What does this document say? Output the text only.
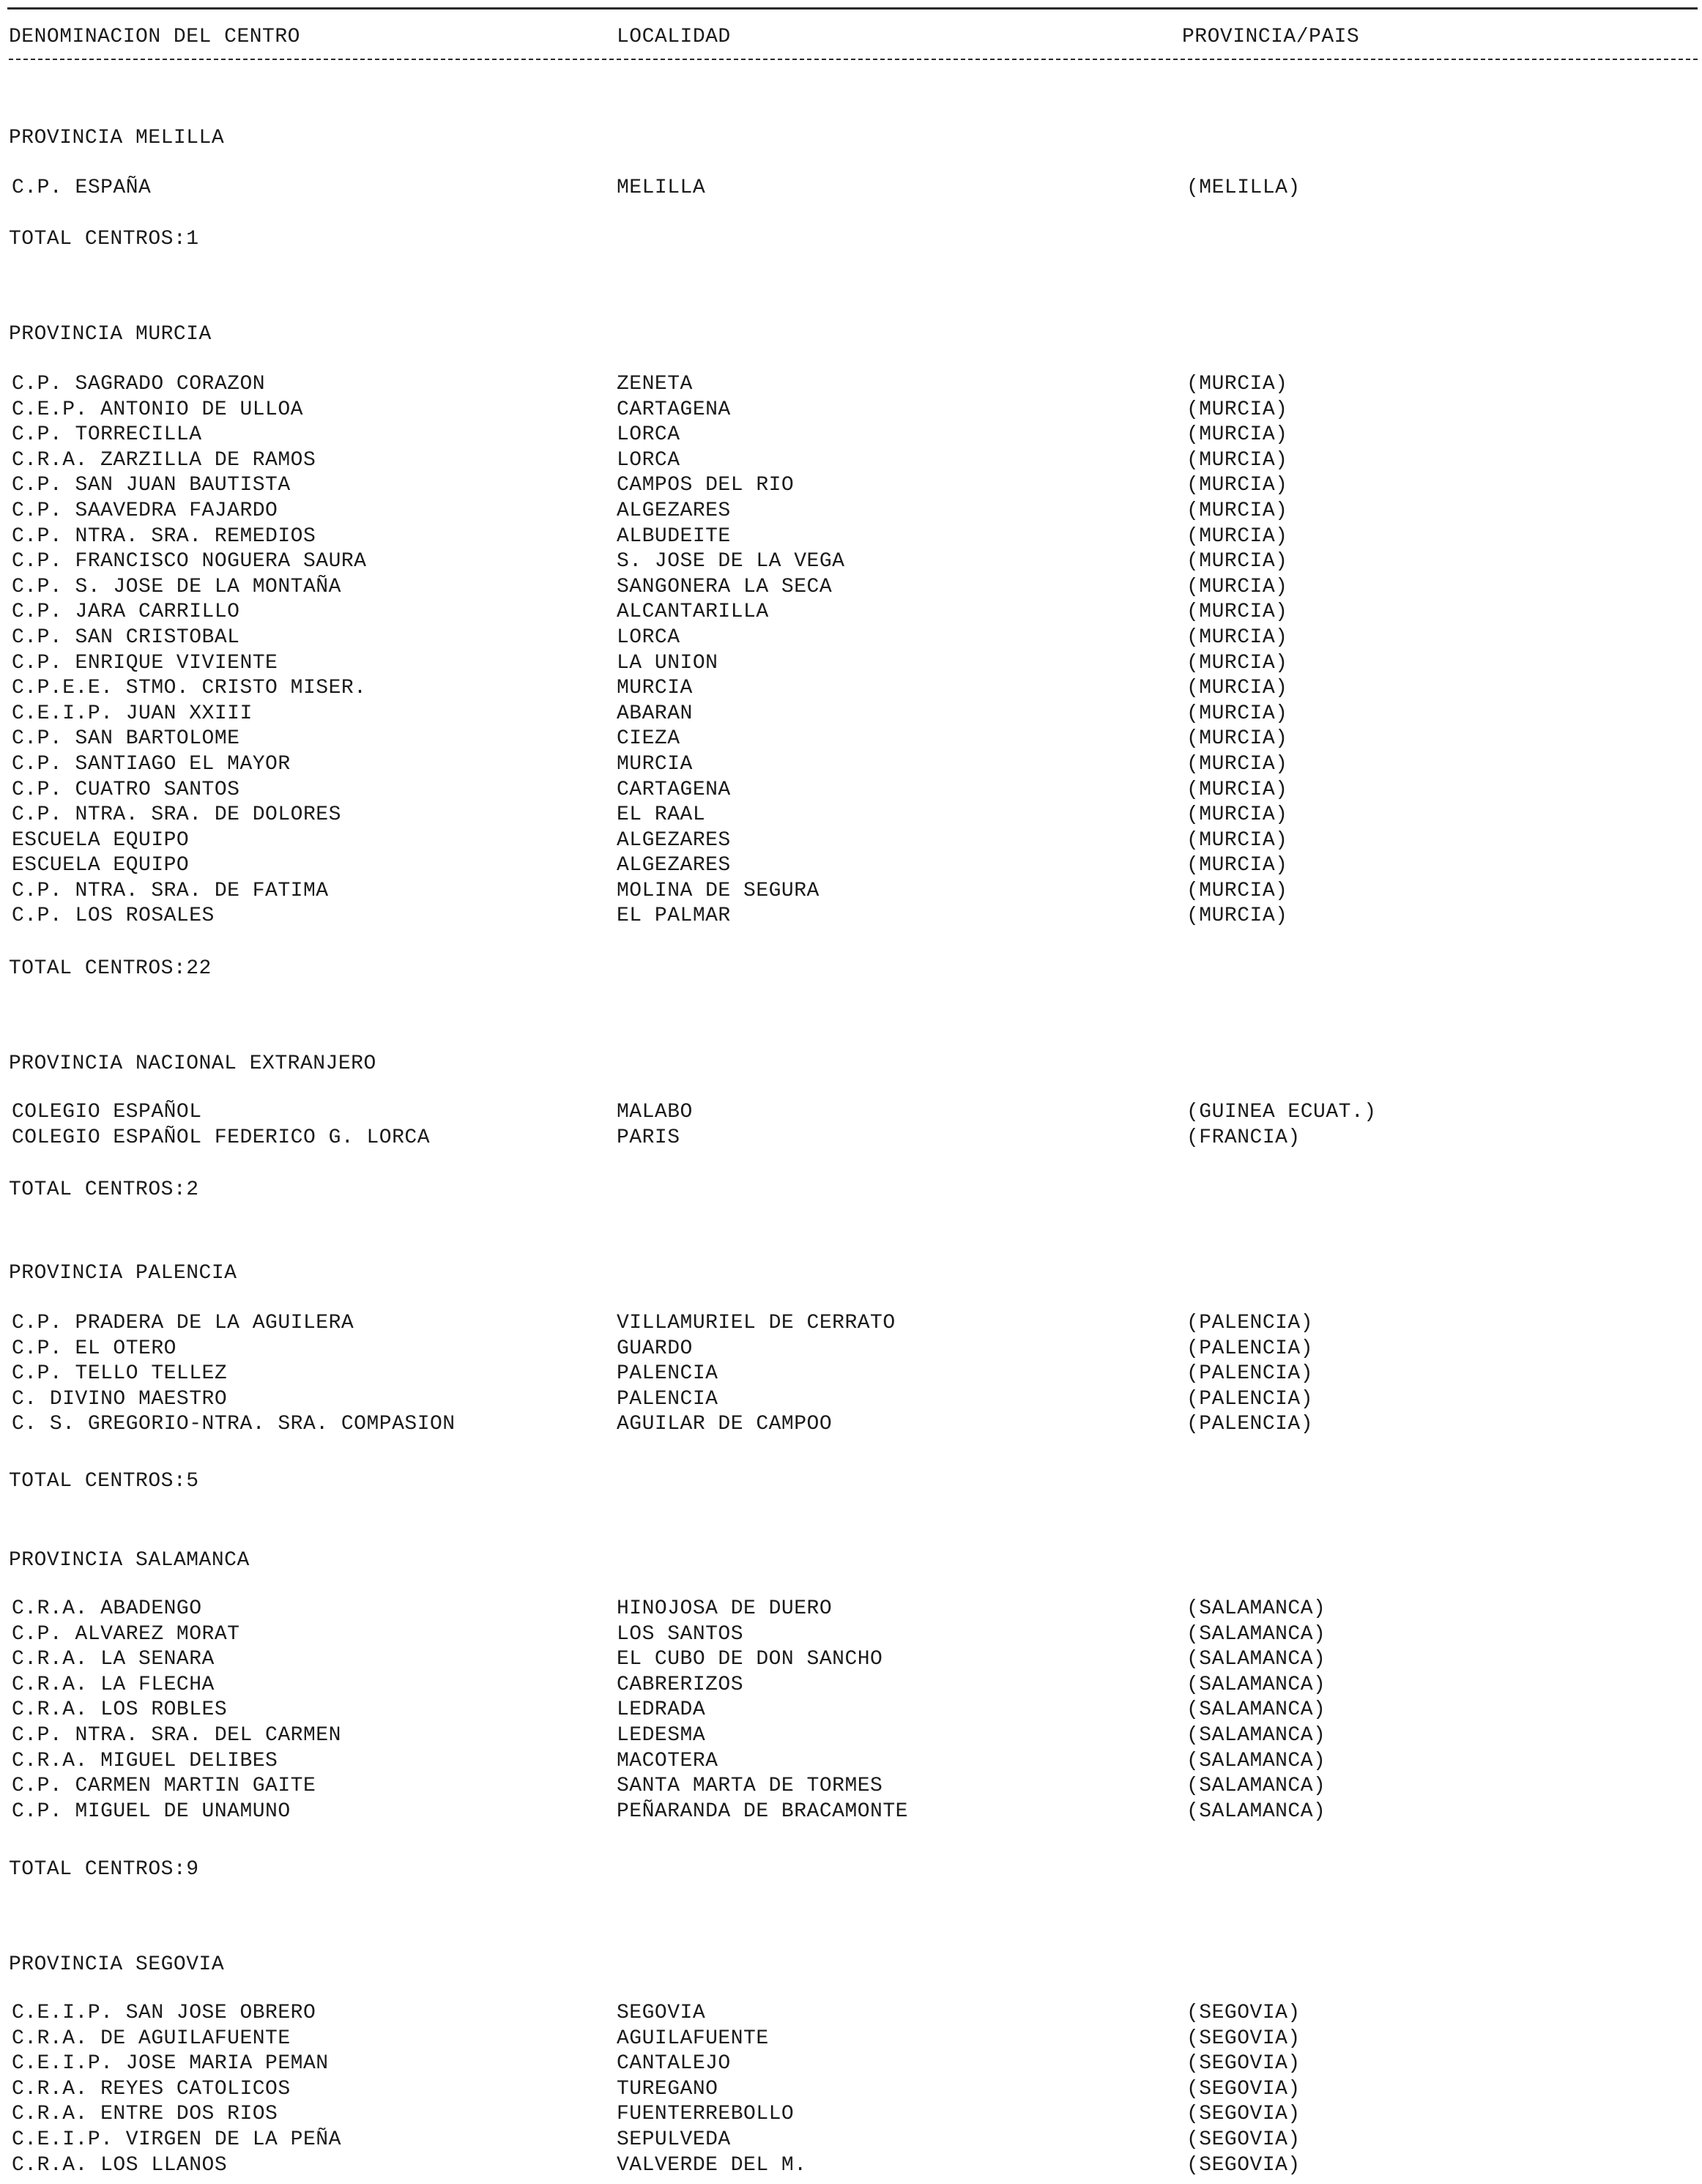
DENOMINACION DEL CENTRO	LOCALIDAD	PROVINCIA/PAIS
PROVINCIA MELILLA
C.P. ESPAÑA	MELILLA	(MELILLA)
TOTAL CENTROS:1
PROVINCIA MURCIA
C.P. SAGRADO CORAZON	ZENETA	(MURCIA)
C.E.P. ANTONIO DE ULLOA	CARTAGENA	(MURCIA)
C.P. TORRECILLA	LORCA	(MURCIA)
C.R.A. ZARZILLA DE RAMOS	LORCA	(MURCIA)
C.P. SAN JUAN BAUTISTA	CAMPOS DEL RIO	(MURCIA)
C.P. SAAVEDRA FAJARDO	ALGEZARES	(MURCIA)
C.P. NTRA. SRA. REMEDIOS	ALBUDEITE	(MURCIA)
C.P. FRANCISCO NOGUERA SAURA	S. JOSE DE LA VEGA	(MURCIA)
C.P. S. JOSE DE LA MONTAÑA	SANGONERA LA SECA	(MURCIA)
C.P. JARA CARRILLO	ALCANTARILLA	(MURCIA)
C.P. SAN CRISTOBAL	LORCA	(MURCIA)
C.P. ENRIQUE VIVIENTE	LA UNION	(MURCIA)
C.P.E.E. STMO. CRISTO MISER.	MURCIA	(MURCIA)
C.E.I.P. JUAN XXIII	ABARAN	(MURCIA)
C.P. SAN BARTOLOME	CIEZA	(MURCIA)
C.P. SANTIAGO EL MAYOR	MURCIA	(MURCIA)
C.P. CUATRO SANTOS	CARTAGENA	(MURCIA)
C.P. NTRA. SRA. DE DOLORES	EL RAAL	(MURCIA)
ESCUELA EQUIPO	ALGEZARES	(MURCIA)
ESCUELA EQUIPO	ALGEZARES	(MURCIA)
C.P. NTRA. SRA. DE FATIMA	MOLINA DE SEGURA	(MURCIA)
C.P. LOS ROSALES	EL PALMAR	(MURCIA)
TOTAL CENTROS:22
PROVINCIA NACIONAL EXTRANJERO
COLEGIO ESPAÑOL	MALABO	(GUINEA ECUAT.)
COLEGIO ESPAÑOL FEDERICO G. LORCA	PARIS	(FRANCIA)
TOTAL CENTROS:2
PROVINCIA PALENCIA
C.P. PRADERA DE LA AGUILERA	VILLAMURIEL DE CERRATO	(PALENCIA)
C.P. EL OTERO	GUARDO	(PALENCIA)
C.P. TELLO TELLEZ	PALENCIA	(PALENCIA)
C. DIVINO MAESTRO	PALENCIA	(PALENCIA)
C. S. GREGORIO-NTRA. SRA. COMPASION	AGUILAR DE CAMPOO	(PALENCIA)
TOTAL CENTROS:5
PROVINCIA SALAMANCA
C.R.A. ABADENGO	HINOJOSA DE DUERO	(SALAMANCA)
C.P. ALVAREZ MORAT	LOS SANTOS	(SALAMANCA)
C.R.A. LA SENARA	EL CUBO DE DON SANCHO	(SALAMANCA)
C.R.A. LA FLECHA	CABRERIZOS	(SALAMANCA)
C.R.A. LOS ROBLES	LEDRADA	(SALAMANCA)
C.P. NTRA. SRA. DEL CARMEN	LEDESMA	(SALAMANCA)
C.R.A. MIGUEL DELIBES	MACOTERA	(SALAMANCA)
C.P. CARMEN MARTIN GAITE	SANTA MARTA DE TORMES	(SALAMANCA)
C.P. MIGUEL DE UNAMUNO	PEÑARANDA DE BRACAMONTE	(SALAMANCA)
TOTAL CENTROS:9
PROVINCIA SEGOVIA
C.E.I.P. SAN JOSE OBRERO	SEGOVIA	(SEGOVIA)
C.R.A. DE AGUILAFUENTE	AGUILAFUENTE	(SEGOVIA)
C.E.I.P. JOSE MARIA PEMAN	CANTALEJO	(SEGOVIA)
C.R.A. REYES CATOLICOS	TUREGANO	(SEGOVIA)
C.R.A. ENTRE DOS RIOS	FUENTERREBOLLO	(SEGOVIA)
C.E.I.P. VIRGEN DE LA PEÑA	SEPULVEDA	(SEGOVIA)
C.R.A. LOS LLANOS	VALVERDE DEL M.	(SEGOVIA)
